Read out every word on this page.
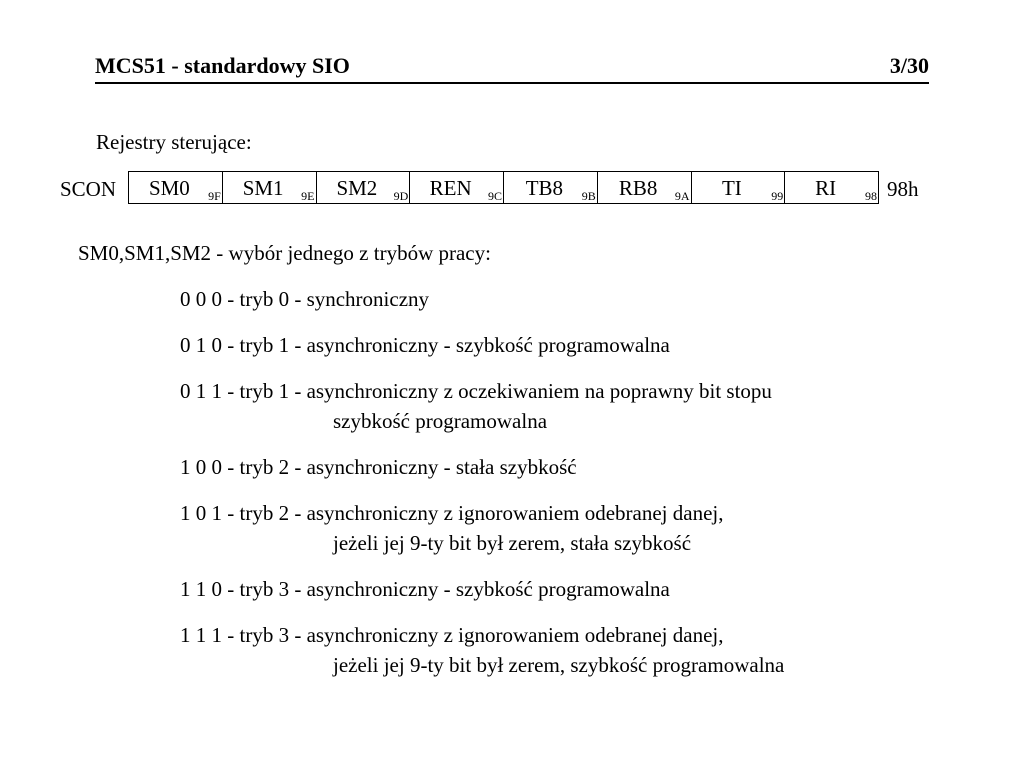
MCS51 - standardowy SIO	3/30
Rejestry sterujące:
SCON	SM0	9F	SM1	9E	SM2	9D	REN	9C	TB8	9B	RB8	9A	TI	99	RI	98 98h
SM0,SM1,SM2 - wybór jednego z trybów pracy:
0 0 0 - tryb 0 - synchroniczny
0 1 0 - tryb 1 - asynchroniczny - szybkość programowalna
0 1 1 - tryb 1 - asynchroniczny z oczekiwaniem na poprawny bit stopu
szybkość programowalna
1 0 0 - tryb 2 - asynchroniczny - stała szybkość
1 0 1 - tryb 2 - asynchroniczny z ignorowaniem odebranej danej,
jeżeli jej 9-ty bit był zerem, stała szybkość
1 1 0 - tryb 3 - asynchroniczny - szybkość programowalna
1 1 1 - tryb 3 - asynchroniczny z ignorowaniem odebranej danej,
jeżeli jej 9-ty bit był zerem, szybkość programowalna
